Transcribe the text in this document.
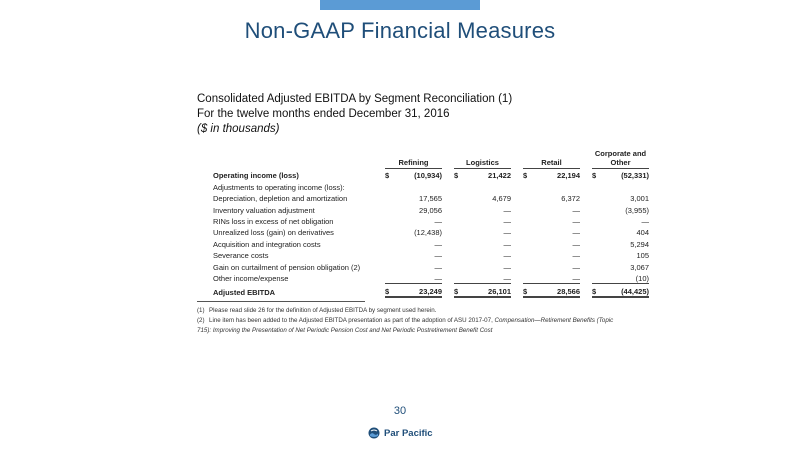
Non-GAAP Financial Measures
Consolidated Adjusted EBITDA by Segment Reconciliation (1)
For the twelve months ended December 31, 2016
($ in thousands)
	Refining			Logistics			Retail			Corporate and Other	
Operating income (loss)	$	(10,934)		$	21,422		$	22,194		$	(52,331)
Adjustments to operating income (loss):											
Depreciation, depletion and amortization		17,565			4,679			6,372			3,001
Inventory valuation adjustment		29,056			—			—			(3,955)
RINs loss in excess of net obligation		—			—			—			—
Unrealized loss (gain) on derivatives		(12,438)			—			—			404
Acquisition and integration costs		—			—			—			5,294
Severance costs		—			—			—			105
Gain on curtailment of pension obligation (2)		—			—			—			3,067
Other income/expense		—			—			—			(10)
Adjusted EBITDA	$	23,249		$	26,101		$	28,566		$	(44,425)
(1) Please read slide 26 for the definition of Adjusted EBITDA by segment used herein.
(2) Line item has been added to the Adjusted EBITDA presentation as part of the adoption of ASU 2017-07, Compensation—Retirement Benefits (Topic 715): Improving the Presentation of Net Periodic Pension Cost and Net Periodic Postretirement Benefit Cost
30
Par Pacific
